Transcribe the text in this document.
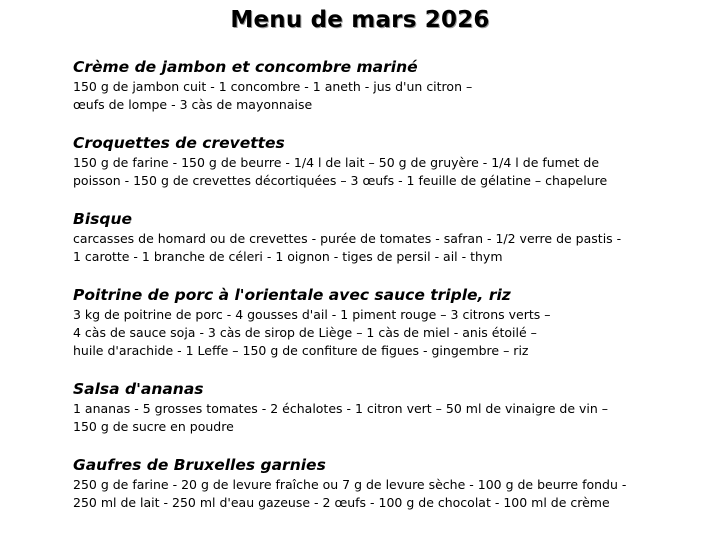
Menu de mars 2026
Crème de jambon et concombre mariné
150 g de jambon cuit - 1 concombre - 1 aneth - jus d'un citron –
œufs de lompe - 3 càs de mayonnaise
Croquettes de crevettes
150 g de farine - 150 g de beurre - 1/4 l de lait – 50 g de gruyère - 1/4 l de fumet de
poisson - 150 g de crevettes décortiquées – 3 œufs - 1 feuille de gélatine – chapelure
Bisque
carcasses de homard ou de crevettes - purée de tomates - safran - 1/2 verre de pastis -
1 carotte - 1 branche de céleri - 1 oignon - tiges de persil - ail - thym
Poitrine de porc à l'orientale avec sauce triple, riz
3 kg de poitrine de porc - 4 gousses d'ail - 1 piment rouge – 3 citrons verts –
4 càs de sauce soja - 3 càs de sirop de Liège – 1 càs de miel - anis étoilé –
huile d'arachide - 1 Leffe – 150 g de confiture de figues - gingembre – riz
Salsa d'ananas
1 ananas - 5 grosses tomates - 2 échalotes - 1 citron vert – 50 ml de vinaigre de vin –
150 g de sucre en poudre
Gaufres de Bruxelles garnies
250 g de farine - 20 g de levure fraîche ou 7 g de levure sèche - 100 g de beurre fondu -
250 ml de lait - 250 ml d'eau gazeuse - 2 œufs - 100 g de chocolat - 100 ml de crème
